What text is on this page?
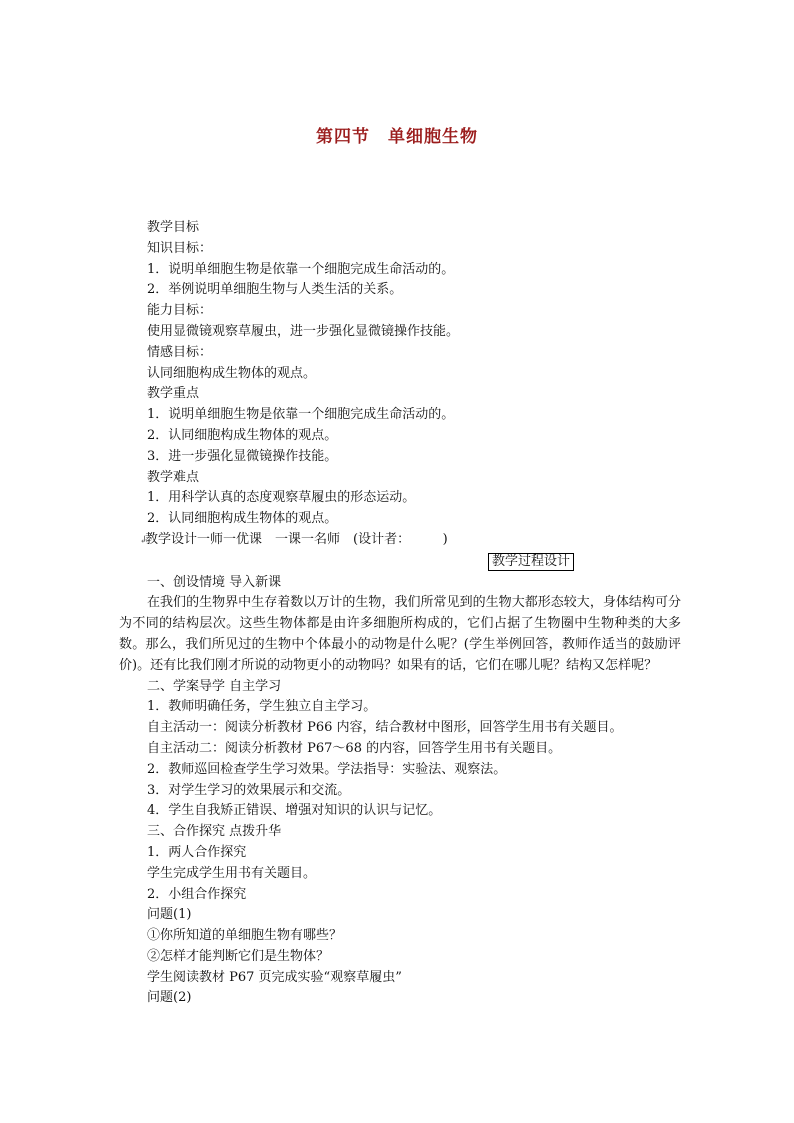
第四节　单细胞生物
教学目标
知识目标：
1．说明单细胞生物是依靠一个细胞完成生命活动的。
2．举例说明单细胞生物与人类生活的关系。
能力目标：
使用显微镜观察草履虫，进一步强化显微镜操作技能。
情感目标：
认同细胞构成生物体的观点。
教学重点
1．说明单细胞生物是依靠一个细胞完成生命活动的。
2．认同细胞构成生物体的观点。
3．进一步强化显微镜操作技能。
教学难点
1．用科学认真的态度观察草履虫的形态运动。
2．认同细胞构成生物体的观点。
↲教学设计一师一优课　一课一名师　(设计者：　　　)
教学过程设计
一、创设情境 导入新课
在我们的生物界中生存着数以万计的生物，我们所常见到的生物大都形态较大，身体结构可分为不同的结构层次。这些生物体都是由许多细胞所构成的，它们占据了生物圈中生物种类的大多数。那么，我们所见过的生物中个体最小的动物是什么呢？(学生举例回答，教师作适当的鼓励评价)。还有比我们刚才所说的动物更小的动物吗？如果有的话，它们在哪儿呢？结构又怎样呢？
二、学案导学 自主学习
1．教师明确任务，学生独立自主学习。
自主活动一：阅读分析教材 P66 内容，结合教材中图形，回答学生用书有关题目。
自主活动二：阅读分析教材 P67～68 的内容，回答学生用书有关题目。
2．教师巡回检查学生学习效果。学法指导：实验法、观察法。
3．对学生学习的效果展示和交流。
4．学生自我矫正错误、增强对知识的认识与记忆。
三、合作探究 点拨升华
1．两人合作探究
学生完成学生用书有关题目。
2．小组合作探究
问题(1)
①你所知道的单细胞生物有哪些？
②怎样才能判断它们是生物体？
学生阅读教材 P67 页完成实验“观察草履虫”
问题(2)
